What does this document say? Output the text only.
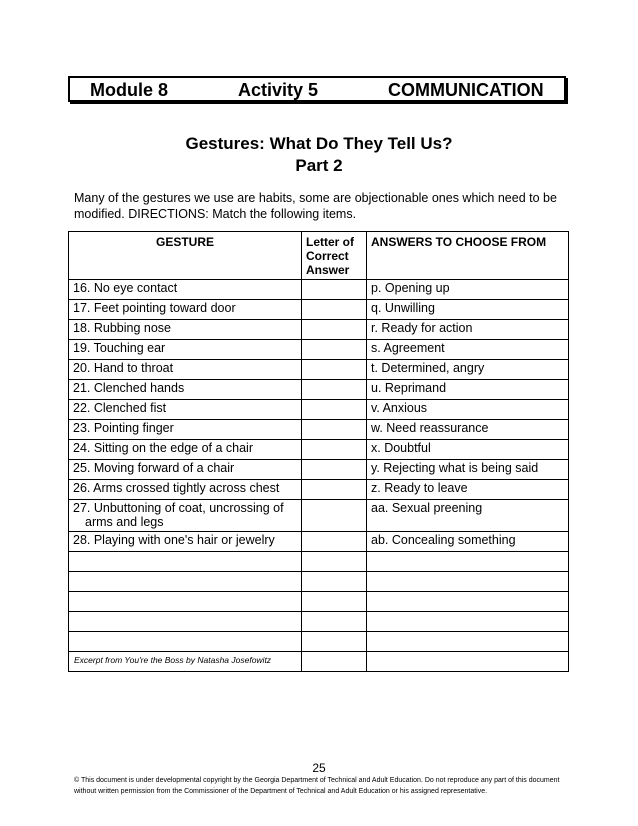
Module 8	Activity 5	COMMUNICATION
Gestures: What Do They Tell Us?
Part 2
Many of the gestures we use are habits, some are objectionable ones which need to be modified. DIRECTIONS: Match the following items.
GESTURE	Letter of
Correct
Answer	ANSWERS TO CHOOSE FROM
16. No eye contact		p. Opening up
17. Feet pointing toward door		q. Unwilling
18. Rubbing nose		r. Ready for action
19. Touching ear		s. Agreement
20. Hand to throat		t. Determined, angry
21. Clenched hands		u. Reprimand
22. Clenched fist		v. Anxious
23. Pointing finger		w. Need reassurance
24. Sitting on the edge of a chair		x. Doubtful
25. Moving forward of a chair		y. Rejecting what is being said
26. Arms crossed tightly across chest		z. Ready to leave
27. Unbuttoning of coat, uncrossing of
arms and legs		aa. Sexual preening
28. Playing with one's hair or jewelry		ab. Concealing something

Excerpt from You're the Boss by Natasha Josefowitz
25
© This document is under developmental copyright by the Georgia Department of Technical and Adult Education. Do not reproduce any part of this document without written permission from the Commissioner of the Department of Technical and Adult Education or his assigned representative.
